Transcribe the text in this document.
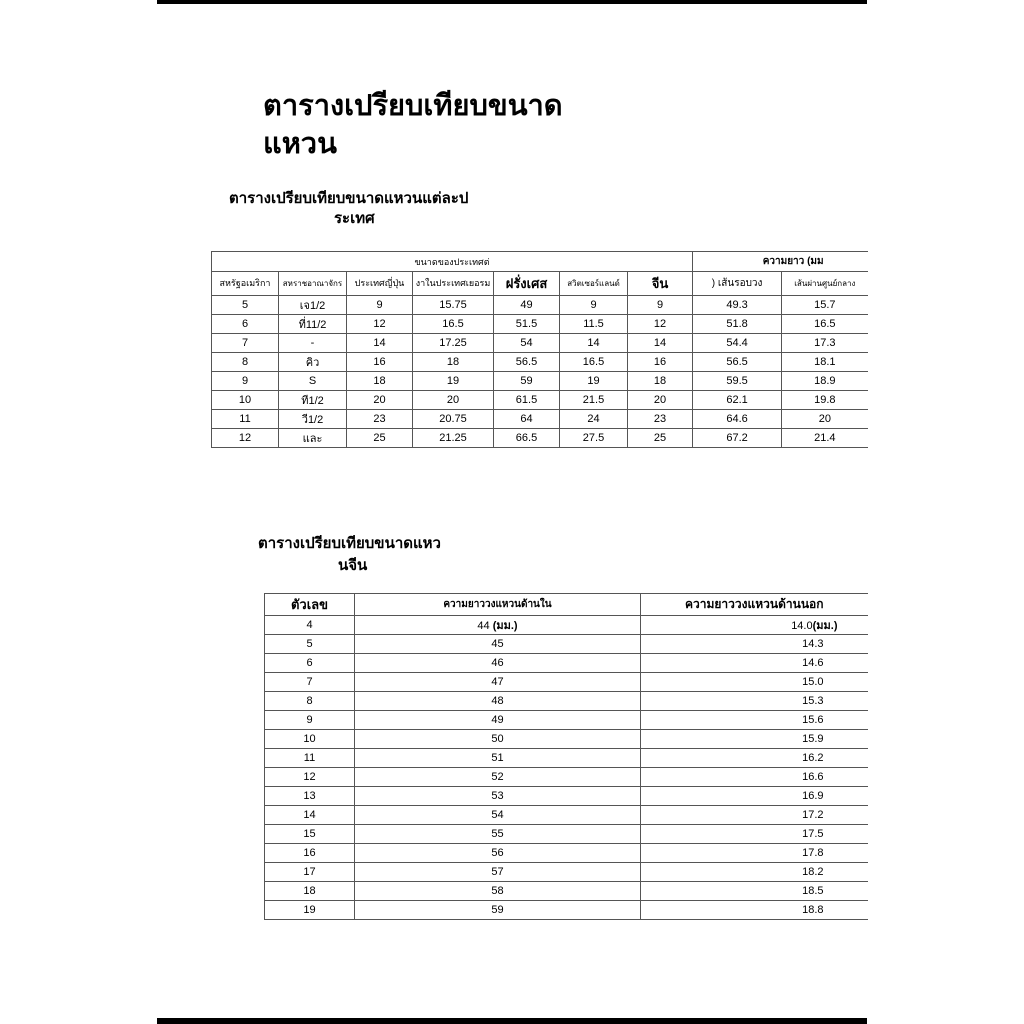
ตารางเปรียบเทียบขนาดแหวน
ตารางเปรียบเทียบขนาดแหวนแต่ละป
ระเทศ
ขนาดของประเทศต่							ความยาว (มม	
สหรัฐอเมริกา	สหราชอาณาจักร	ประเทศญี่ปุ่น	งาในประเทศเยอรม	ฝรั่งเศส	สวิตเซอร์แลนด์	จีน	) เส้นรอบวง	เส้นผ่านศูนย์กลาง
5	เจ1/2	9	15.75	49	9	9	49.3	15.7
6	ที่11/2	12	16.5	51.5	11.5	12	51.8	16.5
7	-	14	17.25	54	14	14	54.4	17.3
8	คิว	16	18	56.5	16.5	16	56.5	18.1
9	S	18	19	59	19	18	59.5	18.9
10	ที1/2	20	20	61.5	21.5	20	62.1	19.8
11	วี1/2	23	20.75	64	24	23	64.6	20
12	และ	25	21.25	66.5	27.5	25	67.2	21.4
ตารางเปรียบเทียบขนาดแหว
นจีน
ตัวเลข	ความยาววงแหวนด้านใน	ความยาววงแหวนด้านนอก
4	44 (มม.)	14.0(มม.)
5	45	14.3
6	46	14.6
7	47	15.0
8	48	15.3
9	49	15.6
10	50	15.9
11	51	16.2
12	52	16.6
13	53	16.9
14	54	17.2
15	55	17.5
16	56	17.8
17	57	18.2
18	58	18.5
19	59	18.8
